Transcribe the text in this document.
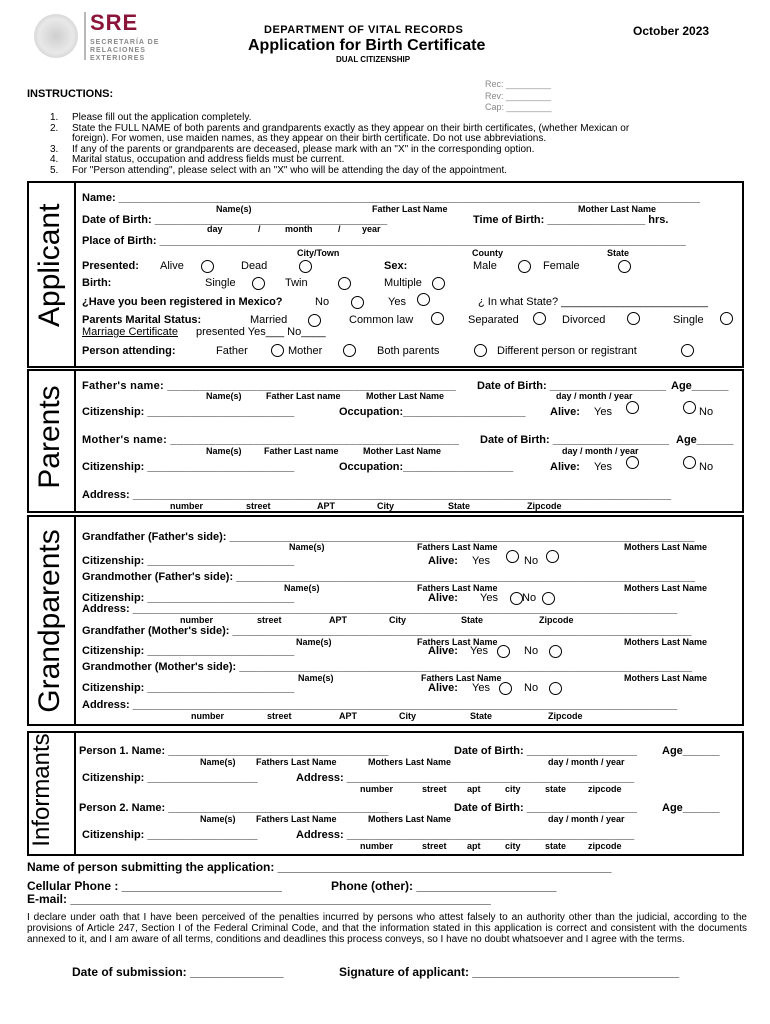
SRE
SECRETARÍA DE
RELACIONES
EXTERIORES
DEPARTMENT OF VITAL RECORDS	October 2023
Application for Birth Certificate
DUAL CITIZENSHIP
Rec: _________
Rev: _________
Cap: _________
INSTRUCTIONS:
1. Please fill out the application completely.
2. State the FULL NAME of both parents and grandparents exactly as they appear on their birth certificates, (whether Mexican or
foreign). For women, use maiden names, as they appear on their birth certificate. Do not use abbreviations.
3. If any of the parents or grandparents are deceased, please mark with an "X" in the corresponding option.
4. Marital status, occupation and address fields must be current.
5. For "Person attending", please select with an "X" who will be attending the day of the appointment.
Applicant
Name: _______________________________________________________________________________________________
Name(s)	Father Last Name	Mother Last Name
Date of Birth: ______________________________________	Time of Birth: ________________ hrs.
day	/	month	/ year
Place of Birth: ______________________________________________________________________________________
City/Town	County	State
Presented: Alive	Dead	Sex:	Male	Female
Birth:	Single	Twin	Multiple
¿Have you been registered in Mexico?	No	Yes	¿ In what State? ________________________
Parents Marital Status:	Married	Common law	Separated	Divorced	Single
Marriage Certificate presented Yes___ No____
Person attending:	Father	Mother	Both parents	Different person or registrant
Parents Father's name: _____________________________________________ Date of Birth: ___________________ Age______
Name(s)	Father Last name	Mother Last Name	day / month / year
Citizenship: ________________________	Occupation:____________________ Alive: Yes	No
Mother's name: _____________________________________________ Date of Birth: ___________________ Age______
Name(s) Father Last name	Mother Last Name	day / month / year
Citizenship: ________________________	Occupation:__________________	Alive: Yes	No
Address: ________________________________________________________________________________________
number	street	APT	City	State	Zipcode
Grandparents Grandfather (Father's side): ____________________________________________________________________________
Name(s)	Fathers Last Name	Mothers Last Name
Citizenship: ________________________	Alive: Yes	No
Grandmother (Father's side): ___________________________________________________________________________
Name(s)	Fathers Last Name	Mothers Last Name
Citizenship: ________________________	Alive: Yes No
Address: _________________________________________________________________________________________
number	street	APT	City	State	Zipcode
Grandfather (Mother's side): ___________________________________________________________________________
Name(s)	Fathers Last Name	Mothers Last Name
Citizenship: ________________________	Alive: Yes	No
Grandmother (Mother's side): __________________________________________________________________________
Name(s)	Fathers Last Name	Mothers Last Name
Citizenship: ________________________	Alive: Yes	No
Address: _________________________________________________________________________________________
number	street	APT	City	State	Zipcode
Informants Person 1. Name: ____________________________________	Date of Birth: __________________ Age______
Name(s) Fathers Last Name	Mothers Last Name	day / month / year
Citizenship: __________________	Address: _______________________________________________
number	street apt	city	state zipcode
Person 2. Name: ____________________________________	Date of Birth: __________________ Age______
Name(s) Fathers Last Name	Mothers Last Name	day / month / year
Citizenship: __________________	Address: _______________________________________________
number	street apt	city	state zipcode
Name of person submitting the application: __________________________________________________
Cellular Phone : ________________________	Phone (other): _____________________
E-mail: _______________________________________________________________
I declare under oath that I have been perceived of the penalties incurred by persons who attest falsely to an authority other than the judicial, according to the provisions of Article 247, Section I of the Federal Criminal Code, and that the information stated in this application is correct and consistent with the documents annexed to it, and I am aware of all terms, conditions and deadlines this process conveys, so I have no doubt whatsoever and I agree with the terms.
Date of submission: ______________	Signature of applicant: _______________________________
